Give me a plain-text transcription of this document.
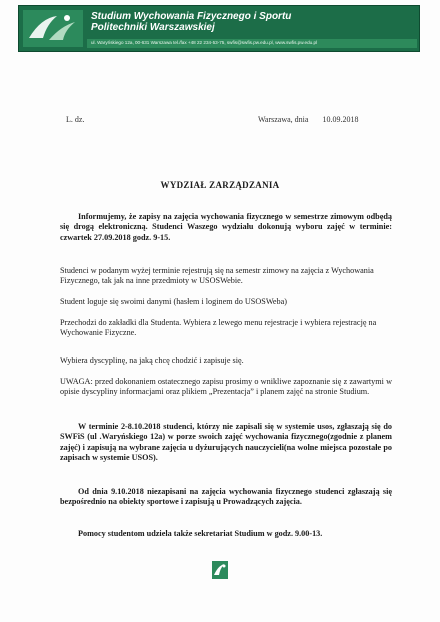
Studium Wychowania Fizycznego i Sportu
Politechniki Warszawskiej
ul. Waryńskiego 12a, 00-631 Warszawa tel./fax +48 22 234-53-75, swfis@swfis.pw.edu.pl, www.swfis.pw.edu.pl
L. dz.	Warszawa, dnia 10.09.2018
WYDZIAŁ ZARZĄDZANIA
Informujemy, że zapisy na zajęcia wychowania fizycznego w semestrze zimowym odbędą się drogą elektroniczną. Studenci Waszego wydziału dokonują wyboru zajęć w terminie: czwartek 27.09.2018 godz. 9-15.
Studenci w podanym wyżej terminie rejestrują się na semestr zimowy na zajęcia z Wychowania Fizycznego, tak jak na inne przedmioty w USOSWebie.
Student loguje się swoimi danymi (hasłem i loginem do USOSWeba)
Przechodzi do zakładki dla Studenta. Wybiera z lewego menu rejestracje i wybiera rejestrację na Wychowanie Fizyczne.
Wybiera dyscyplinę, na jaką chcę chodzić i zapisuje się.
UWAGA: przed dokonaniem ostatecznego zapisu prosimy o wnikliwe zapoznanie się z zawartymi w opisie dyscypliny informacjami oraz plikiem „Prezentacja” i planem zajęć na stronie Studium.
W terminie 2-8.10.2018 studenci, którzy nie zapisali się w systemie usos, zgłaszają się do SWFiS (ul .Waryńskiego 12a) w porze swoich zajęć wychowania fizycznego(zgodnie z planem zajęć) i zapisują na wybrane zajęcia u dyżurujących nauczycieli(na wolne miejsca pozostałe po zapisach w systemie USOS).
Od dnia 9.10.2018 niezapisani na zajęcia wychowania fizycznego studenci zgłaszają się bezpośrednio na obiekty sportowe i zapisują u Prowadzących zajęcia.
Pomocy studentom udziela także sekretariat Studium w godz. 9.00-13.
